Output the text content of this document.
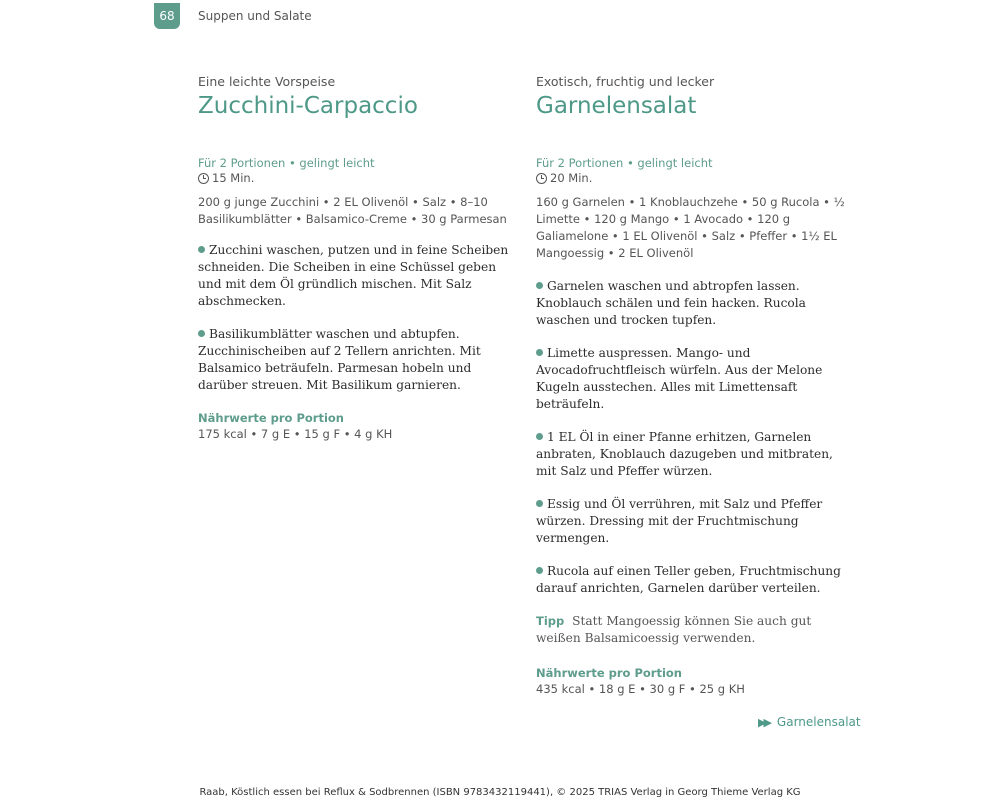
68	Suppen und Salate

Eine leichte Vorspeise

Zucchini-Carpaccio
Für 2 Portionen • gelingt leicht
15 Min.
200 g junge Zucchini • 2 EL Olivenöl • Salz • 8–10 Basilikumblätter • Balsamico-Creme • 30 g Parmesan

Zucchini waschen, putzen und in feine Scheiben schneiden. Die Scheiben in eine Schüssel geben und mit dem Öl gründlich mischen. Mit Salz abschmecken.

Basilikumblätter waschen und abtupfen. Zucchinischeiben auf 2 Tellern anrichten. Mit Balsamico beträufeln. Parmesan hobeln und darüber streuen. Mit Basilikum garnieren.

Nährwerte pro Portion
175 kcal • 7 g E • 15 g F • 4 g KH

Exotisch, fruchtig und lecker

Garnelensalat
Für 2 Portionen • gelingt leicht
20 Min.
160 g Garnelen • 1 Knoblauchzehe • 50 g Rucola • ½ Limette • 120 g Mango • 1 Avocado • 120 g Galiamelone • 1 EL Olivenöl • Salz • Pfeffer • 1½ EL Mangoessig • 2 EL Olivenöl

Garnelen waschen und abtropfen lassen. Knoblauch schälen und fein hacken. Rucola waschen und trocken tupfen.

Limette auspressen. Mango- und Avocadofruchtfleisch würfeln. Aus der Melone Kugeln ausstechen. Alles mit Limettensaft beträufeln.

1 EL Öl in einer Pfanne erhitzen, Garnelen anbraten, Knoblauch dazugeben und mitbraten, mit Salz und Pfeffer würzen.

Essig und Öl verrühren, mit Salz und Pfeffer würzen. Dressing mit der Fruchtmischung vermengen.

Rucola auf einen Teller geben, Fruchtmischung darauf anrichten, Garnelen darüber verteilen.

Tipp Statt Mangoessig können Sie auch gut weißen Balsamicoessig verwenden.

Nährwerte pro Portion
435 kcal • 18 g E • 30 g F • 25 g KH
▶▶ Garnelensalat
Raab, Köstlich essen bei Reflux & Sodbrennen (ISBN 9783432119441), © 2025 TRIAS Verlag in Georg Thieme Verlag KG
